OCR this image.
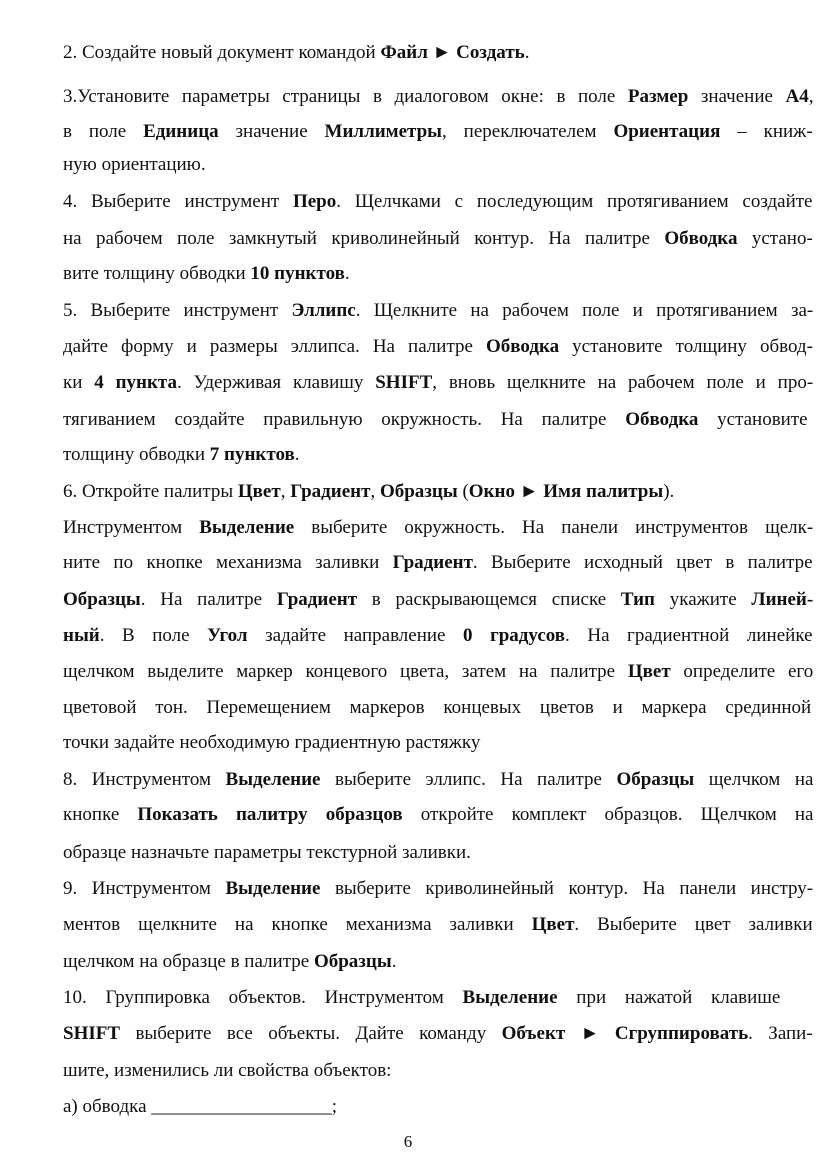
2. Создайте новый документ командой Файл ► Создать.

3.Установите параметры страницы в диалоговом окне: в поле Размер значение А4,

в поле Единица значение Миллиметры, переключателем Ориентация – книж-

ную ориентацию.

4. Выберите инструмент Перо. Щелчками с последующим протягиванием создайте

на рабочем поле замкнутый криволинейный контур. На палитре Обводка устано-

вите толщину обводки 10 пунктов.

5. Выберите инструмент Эллипс. Щелкните на рабочем поле и протягиванием за-

дайте форму и размеры эллипса. На палитре Обводка установите толщину обвод-

ки 4 пункта. Удерживая клавишу SHIFT, вновь щелкните на рабочем поле и про-

тягиванием создайте правильную окружность. На палитре Обводка установите

толщину обводки 7 пунктов.

6. Откройте палитры Цвет, Градиент, Образцы (Окно ► Имя палитры).

Инструментом Выделение выберите окружность. На панели инструментов щелк-

ните по кнопке механизма заливки Градиент. Выберите исходный цвет в палитре

Образцы. На палитре Градиент в раскрывающемся списке Тип укажите Линей-

ный. В поле Угол задайте направление 0 градусов. На градиентной линейке

щелчком выделите маркер концевого цвета, затем на палитре Цвет определите его

цветовой тон. Перемещением маркеров концевых цветов и маркера срединной

точки задайте необходимую градиентную растяжку

8. Инструментом Выделение выберите эллипс. На палитре Образцы щелчком на

кнопке Показать палитру образцов откройте комплект образцов. Щелчком на

образце назначьте параметры текстурной заливки.

9. Инструментом Выделение выберите криволинейный контур. На панели инстру-

ментов щелкните на кнопке механизма заливки Цвет. Выберите цвет заливки

щелчком на образце в палитре Образцы.

10. Группировка объектов. Инструментом Выделение при нажатой клавише

SHIFT выберите все объекты. Дайте команду Объект ► Сгруппировать. Запи-

шите, изменились ли свойства объектов:

а) обводка ___________________;

6
